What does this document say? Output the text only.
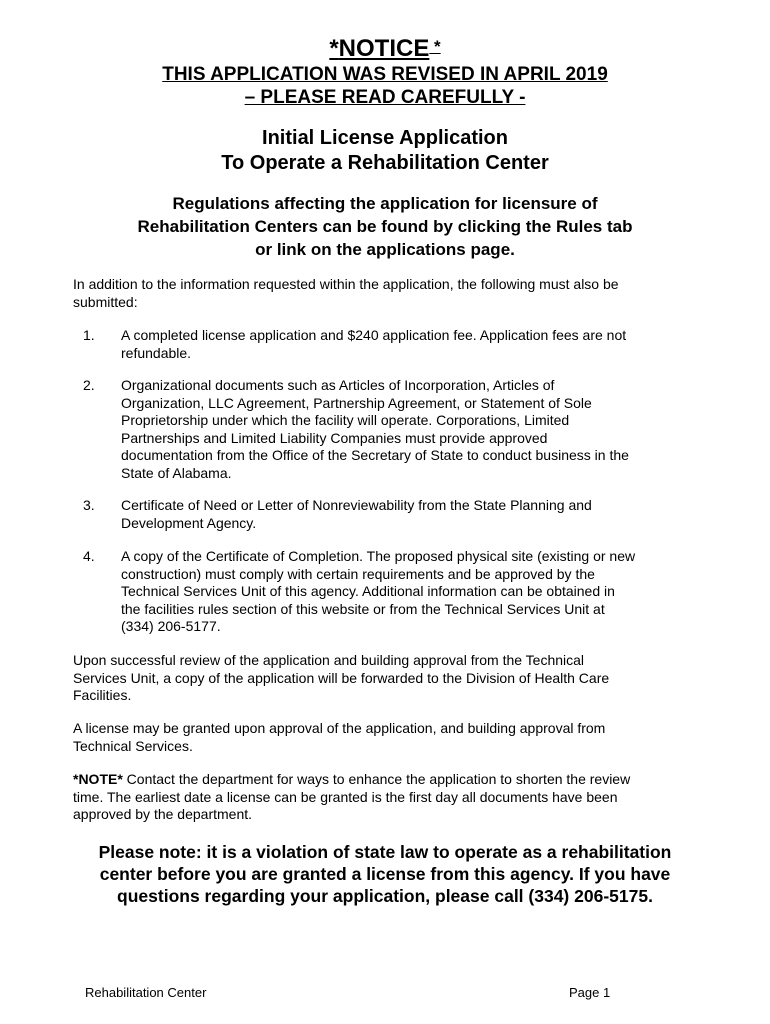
*NOTICE *
THIS APPLICATION WAS REVISED IN APRIL 2019
– PLEASE READ CAREFULLY -
Initial License Application
To Operate a Rehabilitation Center
Regulations affecting the application for licensure of
Rehabilitation Centers can be found by clicking the Rules tab
or link on the applications page.
In addition to the information requested within the application, the following must also be
submitted:
1. A completed license application and $240 application fee. Application fees are not
refundable.
2. Organizational documents such as Articles of Incorporation, Articles of
Organization, LLC Agreement, Partnership Agreement, or Statement of Sole
Proprietorship under which the facility will operate. Corporations, Limited
Partnerships and Limited Liability Companies must provide approved
documentation from the Office of the Secretary of State to conduct business in the
State of Alabama.
3. Certificate of Need or Letter of Nonreviewability from the State Planning and
Development Agency.
4. A copy of the Certificate of Completion. The proposed physical site (existing or new
construction) must comply with certain requirements and be approved by the
Technical Services Unit of this agency. Additional information can be obtained in
the facilities rules section of this website or from the Technical Services Unit at
(334) 206-5177.
Upon successful review of the application and building approval from the Technical
Services Unit, a copy of the application will be forwarded to the Division of Health Care
Facilities.
A license may be granted upon approval of the application, and building approval from
Technical Services.
*NOTE* Contact the department for ways to enhance the application to shorten the review
time. The earliest date a license can be granted is the first day all documents have been
approved by the department.
Please note: it is a violation of state law to operate as a rehabilitation
center before you are granted a license from this agency. If you have
questions regarding your application, please call (334) 206-5175.
Rehabilitation Center	Page 1
